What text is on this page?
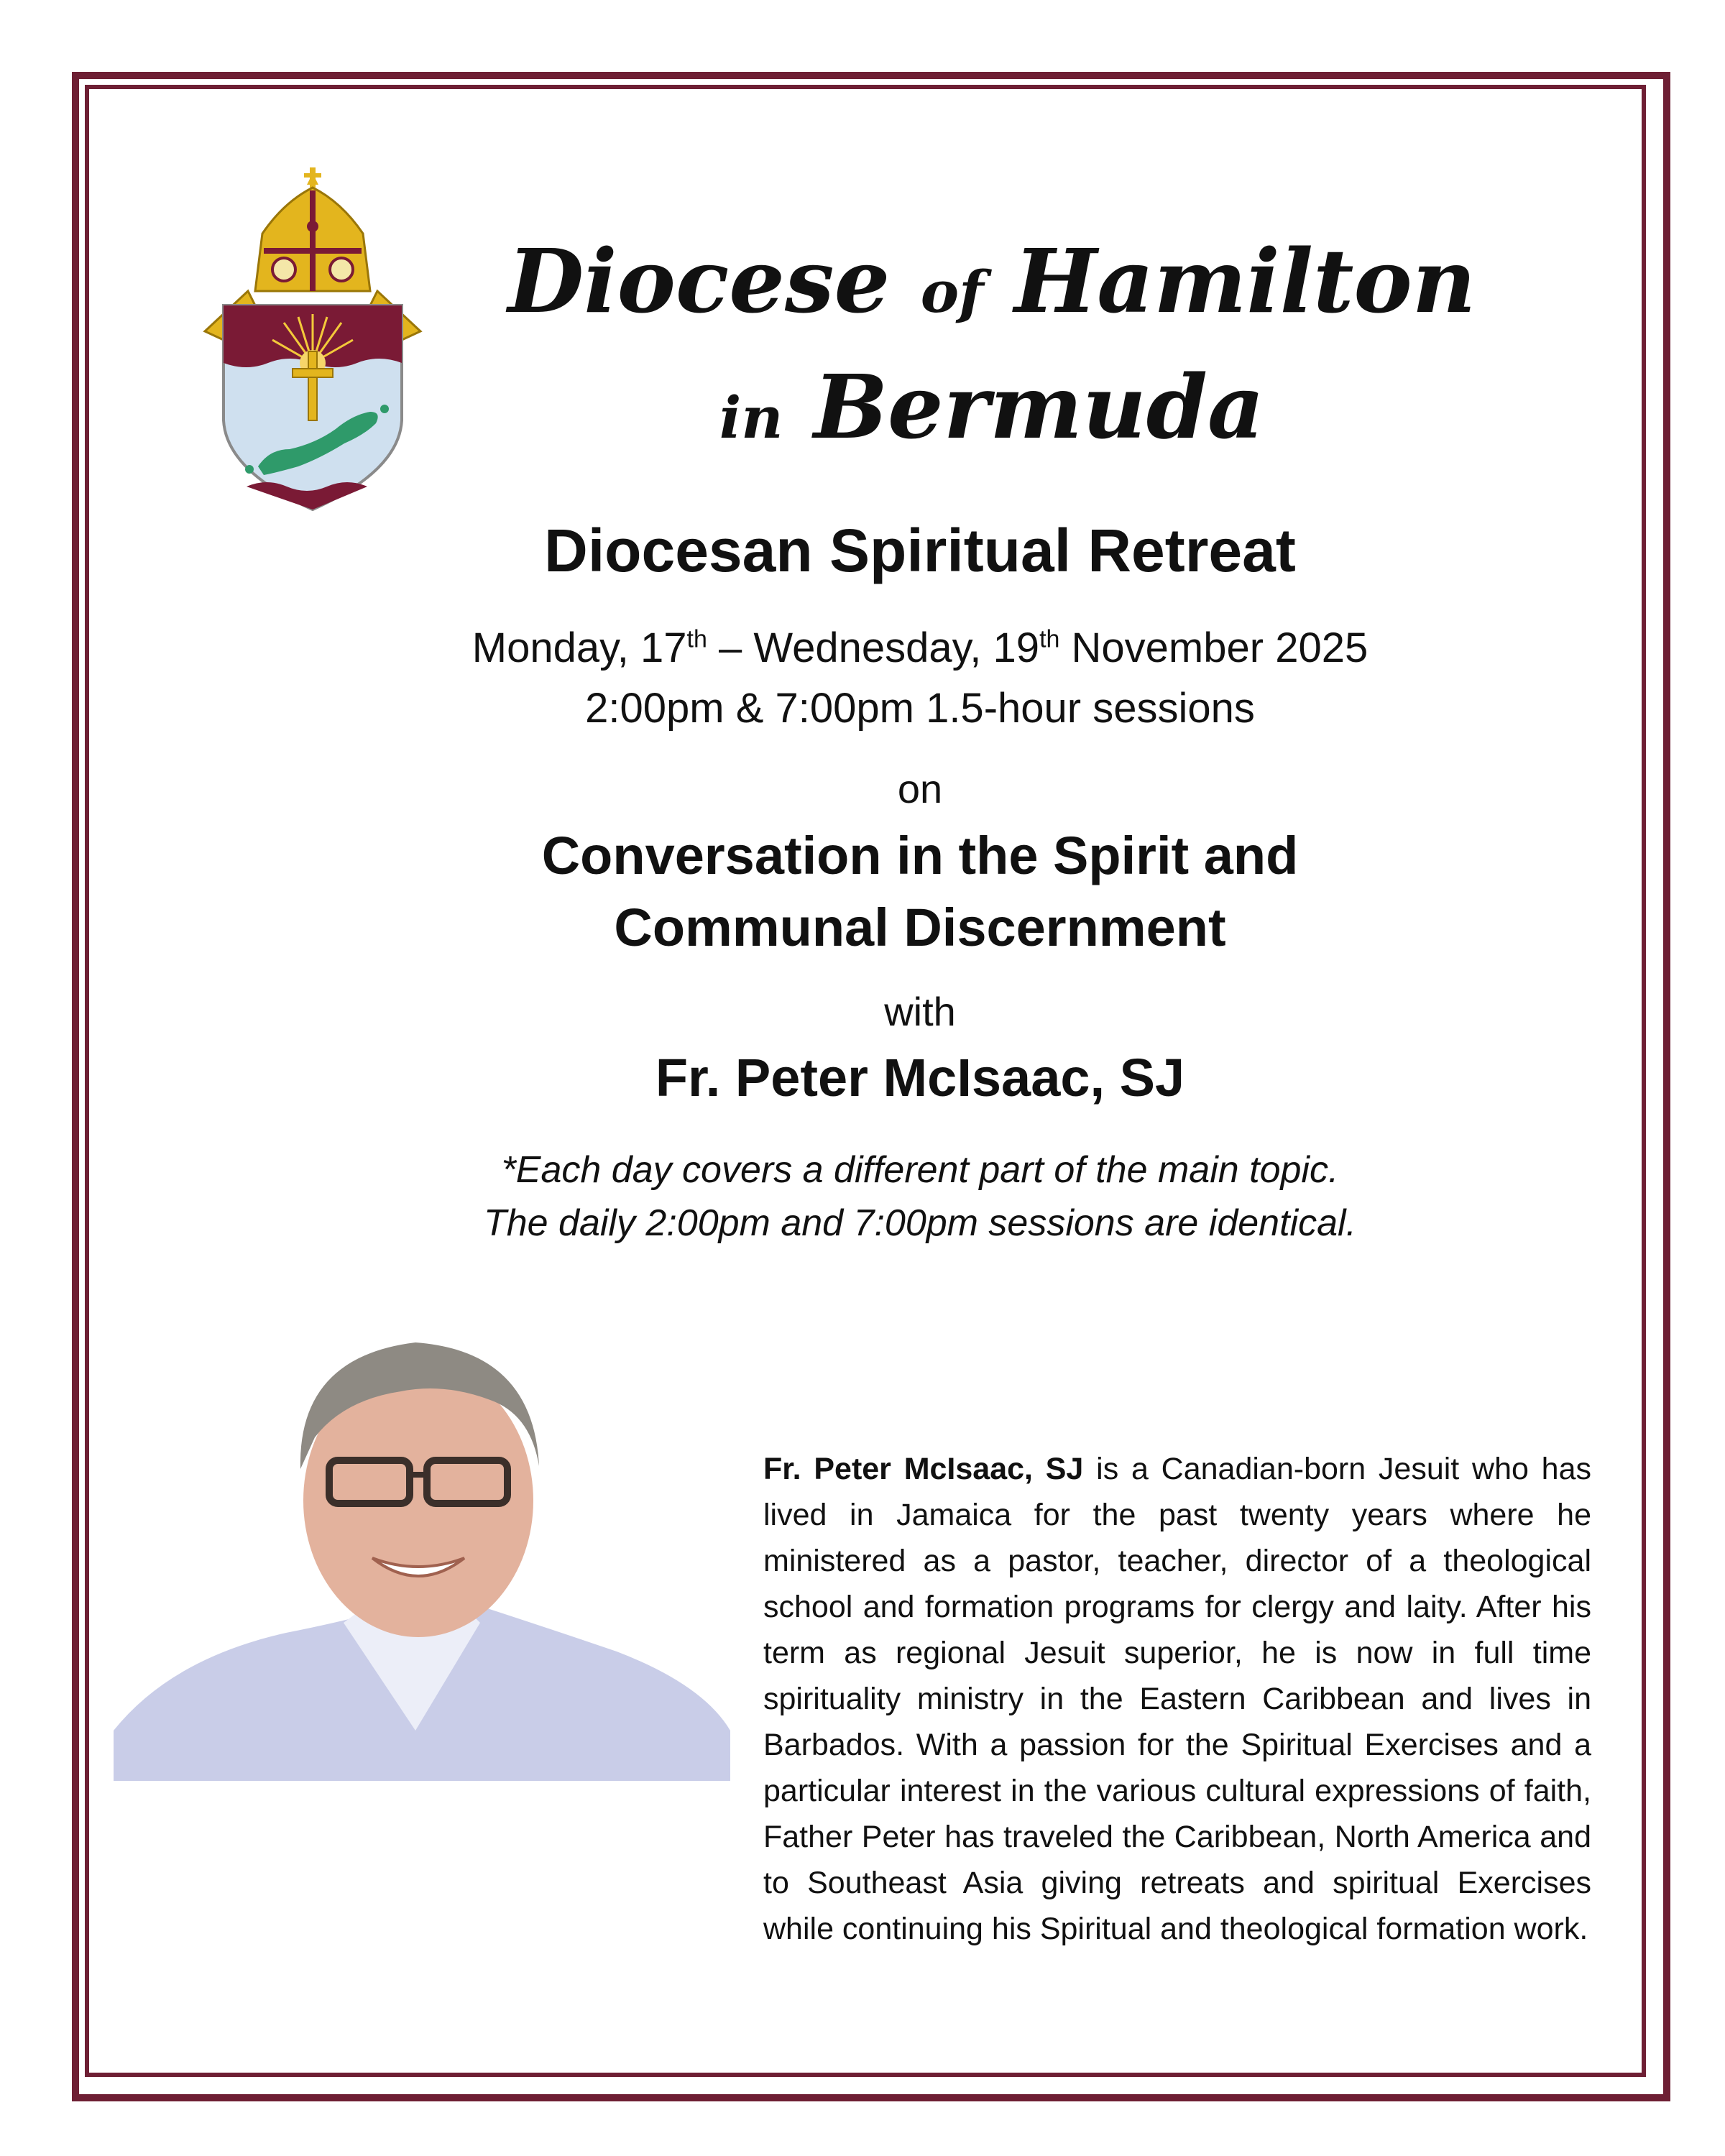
Diocese of Hamilton
in Bermuda
Diocesan Spiritual Retreat
Monday, 17th – Wednesday, 19th November 2025
2:00pm & 7:00pm 1.5-hour sessions
on
Conversation in the Spirit and
Communal Discernment
with
Fr. Peter McIsaac, SJ
*Each day covers a different part of the main topic.
The daily 2:00pm and 7:00pm sessions are identical.
Fr. Peter McIsaac, SJ is a Canadian-born Jesuit who has lived in Jamaica for the past twenty years where he ministered as a pastor, teacher, director of a theological school and formation programs for clergy and laity. After his term as regional Jesuit superior, he is now in full time spirituality ministry in the Eastern Caribbean and lives in Barbados. With a passion for the Spiritual Exercises and a particular interest in the various cultural expressions of faith, Father Peter has traveled the Caribbean, North America and to Southeast Asia giving retreats and spiritual Exercises while continuing his Spiritual and theological formation work.
